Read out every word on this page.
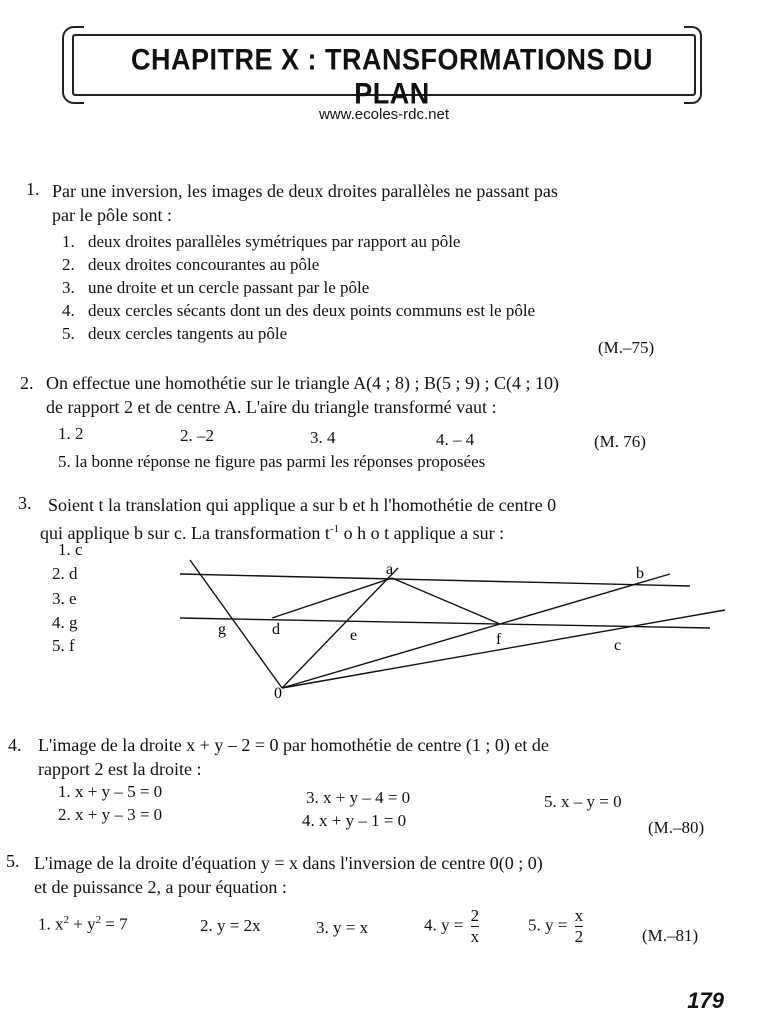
CHAPITRE X : TRANSFORMATIONS DU PLAN
www.ecoles-rdc.net
1. Par une inversion, les images de deux droites parallèles ne passant pas
par le pôle sont :
1. deux droites parallèles symétriques par rapport au pôle
2. deux droites concourantes au pôle
3. une droite et un cercle passant par le pôle
4. deux cercles sécants dont un des deux points communs est le pôle
5. deux cercles tangents au pôle
(M.–75)
2. On effectue une homothétie sur le triangle A(4 ; 8) ; B(5 ; 9) ; C(4 ; 10)
de rapport 2 et de centre A. L'aire du triangle transformé vaut :
1. 2	2. –2	3. 4	4. – 4	(M. 76)
5. la bonne réponse ne figure pas parmi les réponses proposées
3. Soient t la translation qui applique a sur b et h l'homothétie de centre 0
qui applique b sur c. La transformation $t^{-1}$ o h o t applique a sur :
1. c
2. d
3. e
4. g
5. f
a	b
c
d	e	f
g
0
4. L'image de la droite x + y – 2 = 0 par homothétie de centre (1 ; 0) et de
rapport 2 est la droite :
1. x + y – 5 = 0
2. x + y – 3 = 0
3. x + y – 4 = 0
4. x + y – 1 = 0
5. x – y = 0
(M.–80)
5. L'image de la droite d'équation y = x dans l'inversion de centre 0(0 ; 0)
et de puissance 2, a pour équation :
1. $x^2 + y^2 = 7$	2. y = 2x	3. y = x	4. $y = \frac{2}{x}$	5. $y = \frac{x}{2}$	(M.–81)
179
